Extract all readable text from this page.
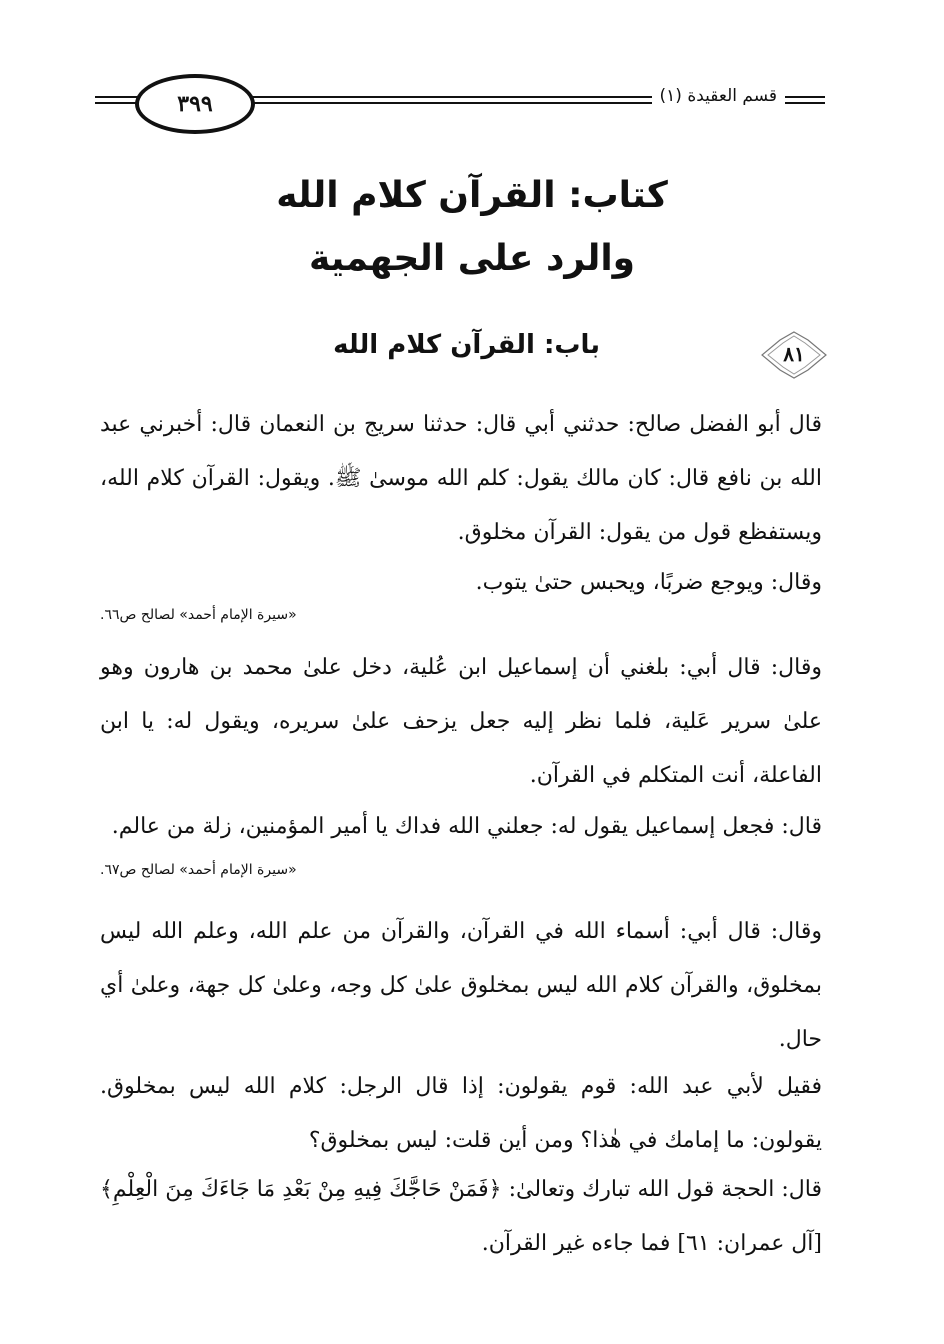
٣٩٩	قسم العقيدة (١)
كتاب: القرآن كلام الله
والرد على الجهمية
٨١
باب: القرآن كلام الله
قال أبو الفضل صالح: حدثني أبي قال: حدثنا سريج بن النعمان قال: أخبرني عبد الله بن نافع قال: كان مالك يقول: كلم الله موسىٰ ﷺ. ويقول: القرآن كلام الله، ويستفظع قول من يقول: القرآن مخلوق.
وقال: ويوجع ضربًا، ويحبس حتىٰ يتوب.
«سيرة الإمام أحمد» لصالح ص٦٦.
وقال: قال أبي: بلغني أن إسماعيل ابن عُلية، دخل علىٰ محمد بن هارون وهو علىٰ سرير عَلية، فلما نظر إليه جعل يزحف علىٰ سريره، ويقول له: يا ابن الفاعلة، أنت المتكلم في القرآن.
قال: فجعل إسماعيل يقول له: جعلني الله فداك يا أمير المؤمنين، زلة من عالم.
«سيرة الإمام أحمد» لصالح ص٦٧.
وقال: قال أبي: أسماء الله في القرآن، والقرآن من علم الله، وعلم الله ليس بمخلوق، والقرآن كلام الله ليس بمخلوق علىٰ كل وجه، وعلىٰ كل جهة، وعلىٰ أي حال.
فقيل لأبي عبد الله: قوم يقولون: إذا قال الرجل: كلام الله ليس بمخلوق. يقولون: ما إمامك في هٰذا؟ ومن أين قلت: ليس بمخلوق؟
قال: الحجة قول الله تبارك وتعالىٰ: ﴿فَمَنْ حَاجَّكَ فِيهِ مِنْ بَعْدِ مَا جَاءَكَ مِنَ الْعِلْمِ﴾ [آل عمران: ٦١] فما جاءه غير القرآن.
